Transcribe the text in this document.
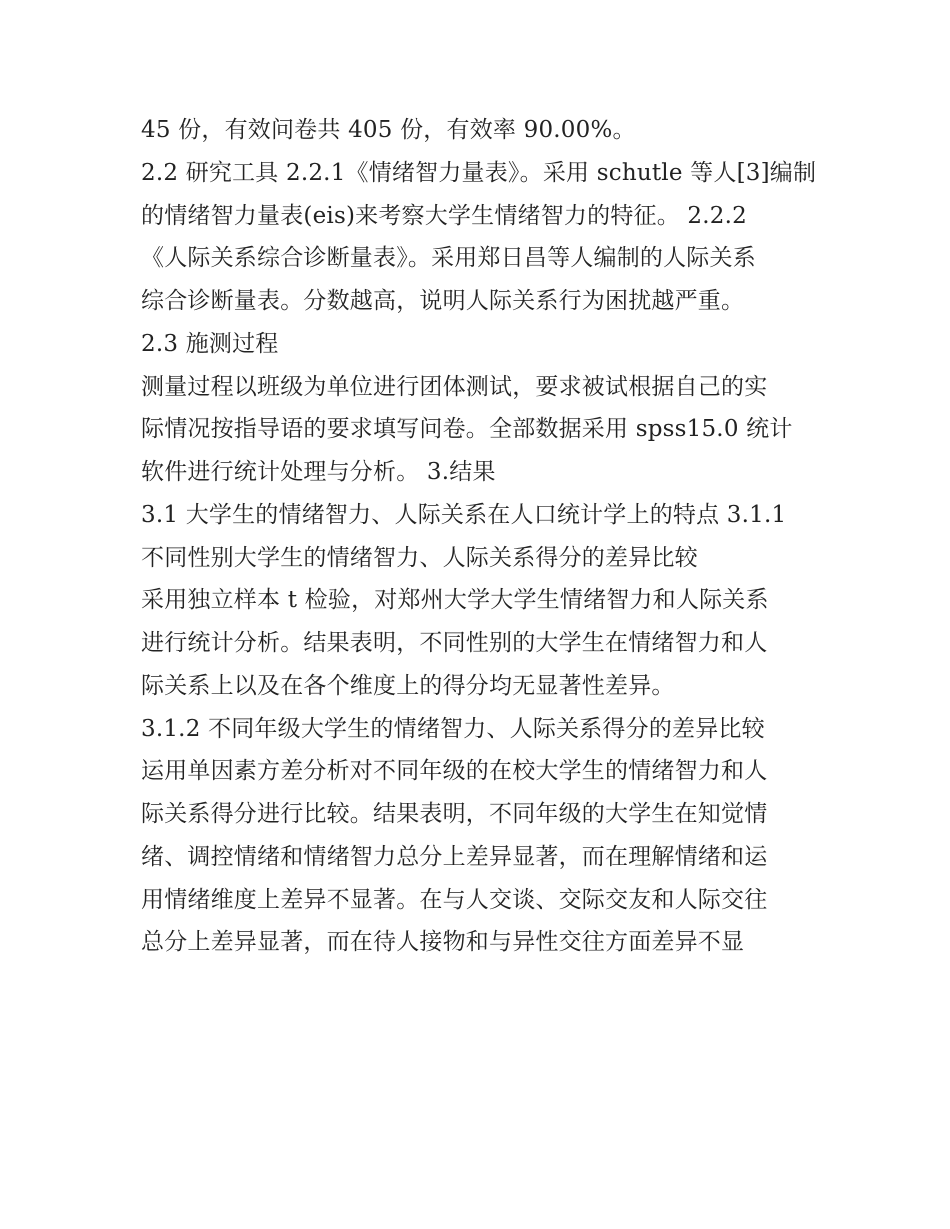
45 份，有效问卷共 405 份，有效率 90.00%。
2.2 研究工具 2.2.1《情绪智力量表》。采用 schutle 等人[3]编制
的情绪智力量表(eis)来考察大学生情绪智力的特征。 2.2.2
《人际关系综合诊断量表》。采用郑日昌等人编制的人际关系
综合诊断量表。分数越高，说明人际关系行为困扰越严重。
2.3 施测过程
测量过程以班级为单位进行团体测试，要求被试根据自己的实
际情况按指导语的要求填写问卷。全部数据采用 spss15.0 统计
软件进行统计处理与分析。 3.结果
3.1 大学生的情绪智力、人际关系在人口统计学上的特点 3.1.1
不同性别大学生的情绪智力、人际关系得分的差异比较
采用独立样本 t 检验，对郑州大学大学生情绪智力和人际关系
进行统计分析。结果表明，不同性别的大学生在情绪智力和人
际关系上以及在各个维度上的得分均无显著性差异。
3.1.2 不同年级大学生的情绪智力、人际关系得分的差异比较
运用单因素方差分析对不同年级的在校大学生的情绪智力和人
际关系得分进行比较。结果表明，不同年级的大学生在知觉情
绪、调控情绪和情绪智力总分上差异显著，而在理解情绪和运
用情绪维度上差异不显著。在与人交谈、交际交友和人际交往
总分上差异显著，而在待人接物和与异性交往方面差异不显
